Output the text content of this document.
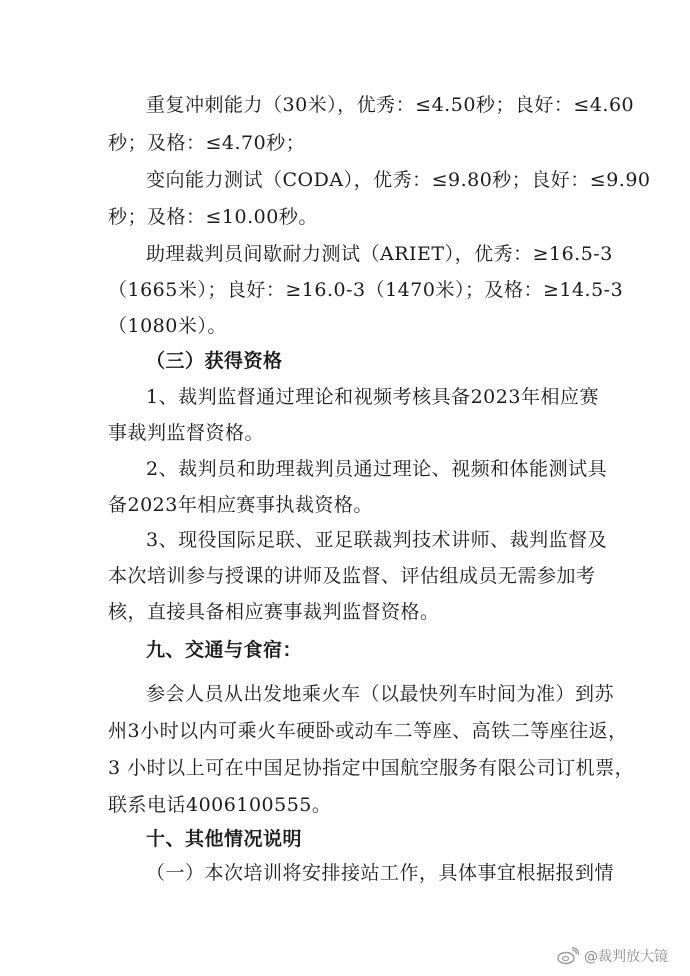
重复冲刺能力（30米），优秀：≤4.50秒；良好：≤4.60
秒；及格：≤4.70秒；
变向能力测试（CODA），优秀：≤9.80秒；良好：≤9.90
秒；及格：≤10.00秒。
助理裁判员间歇耐力测试（ARIET），优秀：≥16.5-3
（1665米）；良好：≥16.0-3（1470米）；及格：≥14.5-3
（1080米）。
（三）获得资格
1、裁判监督通过理论和视频考核具备2023年相应赛
事裁判监督资格。
2、裁判员和助理裁判员通过理论、视频和体能测试具
备2023年相应赛事执裁资格。
3、现役国际足联、亚足联裁判技术讲师、裁判监督及
本次培训参与授课的讲师及监督、评估组成员无需参加考
核，直接具备相应赛事裁判监督资格。
九、交通与食宿：
参会人员从出发地乘火车（以最快列车时间为准）到苏
州3小时以内可乘火车硬卧或动车二等座、高铁二等座往返，
3 小时以上可在中国足协指定中国航空服务有限公司订机票，
联系电话4006100555。
十、其他情况说明
（一）本次培训将安排接站工作，具体事宜根据报到情
@裁判放大镜
